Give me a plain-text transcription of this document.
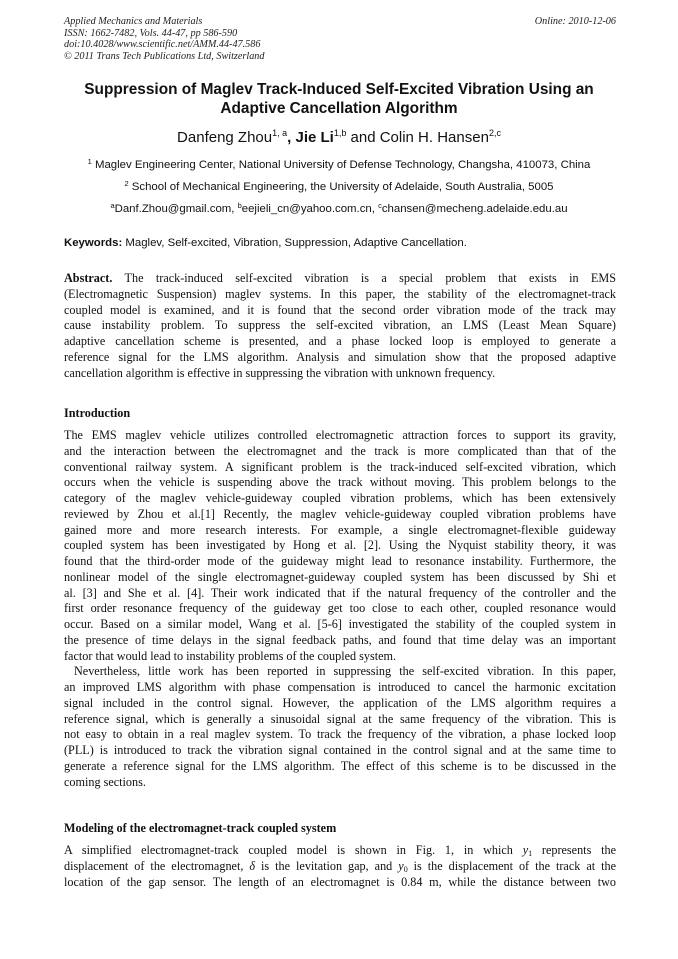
Applied Mechanics and Materials
ISSN: 1662-7482, Vols. 44-47, pp 586-590
doi:10.4028/www.scientific.net/AMM.44-47.586
© 2011 Trans Tech Publications Ltd, Switzerland
Online: 2010-12-06
Suppression of Maglev Track-Induced Self-Excited Vibration Using an
Adaptive Cancellation Algorithm
Danfeng Zhou$^{1, a}$, Jie Li$^{1,b}$ and Colin H. Hansen$^{2,c}$
$^1$ Maglev Engineering Center, National University of Defense Technology, Changsha, 410073, China
$^2$ School of Mechanical Engineering, the University of Adelaide, South Australia, 5005
$^a$Danf.Zhou@gmail.com, $^b$eejieli_cn@yahoo.com.cn, $^c$chansen@mecheng.adelaide.edu.au
Keywords: Maglev, Self-excited, Vibration, Suppression, Adaptive Cancellation.
Abstract. The track-induced self-excited vibration is a special problem that exists in EMS
(Electromagnetic Suspension) maglev systems. In this paper, the stability of the electromagnet-track
coupled model is examined, and it is found that the second order vibration mode of the track may
cause instability problem. To suppress the self-excited vibration, an LMS (Least Mean Square)
adaptive cancellation scheme is presented, and a phase locked loop is employed to generate a
reference signal for the LMS algorithm. Analysis and simulation show that the proposed adaptive
cancellation algorithm is effective in suppressing the vibration with unknown frequency.
Introduction
The EMS maglev vehicle utilizes controlled electromagnetic attraction forces to support its gravity,
and the interaction between the electromagnet and the track is more complicated than that of the
conventional railway system. A significant problem is the track-induced self-excited vibration, which
occurs when the vehicle is suspending above the track without moving. This problem belongs to the
category of the maglev vehicle-guideway coupled vibration problems, which has been extensively
reviewed by Zhou et al.[1] Recently, the maglev vehicle-guideway coupled vibration problems have
gained more and more research interests. For example, a single electromagnet-flexible guideway
coupled system has been investigated by Hong et al. [2]. Using the Nyquist stability theory, it was
found that the third-order mode of the guideway might lead to resonance instability. Furthermore, the
nonlinear model of the single electromagnet-guideway coupled system has been discussed by Shi et
al. [3] and She et al. [4]. Their work indicated that if the natural frequency of the controller and the
first order resonance frequency of the guideway get too close to each other, coupled resonance would
occur. Based on a similar model, Wang et al. [5-6] investigated the stability of the coupled system in
the presence of time delays in the signal feedback paths, and found that time delay was an important
factor that would lead to instability problems of the coupled system.
Nevertheless, little work has been reported in suppressing the self-excited vibration. In this paper,
an improved LMS algorithm with phase compensation is introduced to cancel the harmonic excitation
signal included in the control signal. However, the application of the LMS algorithm requires a
reference signal, which is generally a sinusoidal signal at the same frequency of the vibration. This is
not easy to obtain in a real maglev system. To track the frequency of the vibration, a phase locked loop
(PLL) is introduced to track the vibration signal contained in the control signal and at the same time to
generate a reference signal for the LMS algorithm. The effect of this scheme is to be discussed in the
coming sections.
Modeling of the electromagnet-track coupled system
A simplified electromagnet-track coupled model is shown in Fig. 1, in which $y_1$ represents the
displacement of the electromagnet, δ is the levitation gap, and $y_0$ is the displacement of the track at the
location of the gap sensor. The length of an electromagnet is 0.84 m, while the distance between two
